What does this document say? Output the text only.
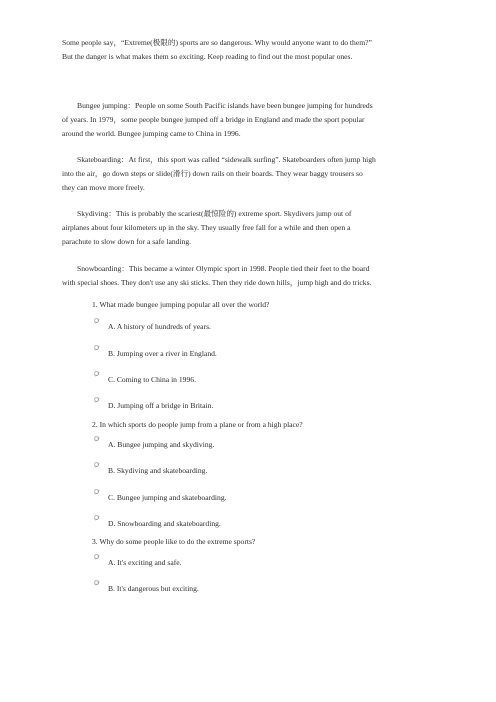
Some people say，“Extreme(极限的) sports are so dangerous. Why would anyone want to do them?”
But the danger is what makes them so exciting. Keep reading to find out the most popular ones.

Bungee jumping：People on some South Pacific islands have been bungee jumping for hundreds
of years. In 1979，some people bungee jumped off a bridge in England and made the sport popular
around the world. Bungee jumping came to China in 1996.

Skateboarding：At first，this sport was called “sidewalk surfing”. Skateboarders often jump high
into the air，go down steps or slide(滑行) down rails on their boards. They wear baggy trousers so
they can move more freely.

Skydiving：This is probably the scariest(最惊险的) extreme sport. Skydivers jump out of
airplanes about four kilometers up in the sky. They usually free fall for a while and then open a
parachute to slow down for a safe landing.

Snowboarding：This became a winter Olympic sport in 1998. People tied their feet to the board
with special shoes. They don't use any ski sticks. Then they ride down hills，jump high and do tricks.

1. What made bungee jumping popular all over the world?

A. A history of hundreds of years.
B. Jumping over a river in England.
C. Coming to China in 1996.
D. Jumping off a bridge in Britain.

2. In which sports do people jump from a plane or from a high place?

A. Bungee jumping and skydiving.
B. Skydiving and skateboarding.
C. Bungee jumping and skateboarding.
D. Snowboarding and skateboarding.

3. Why do some people like to do the extreme sports?

A. It's exciting and safe.
B. It's dangerous but exciting.
